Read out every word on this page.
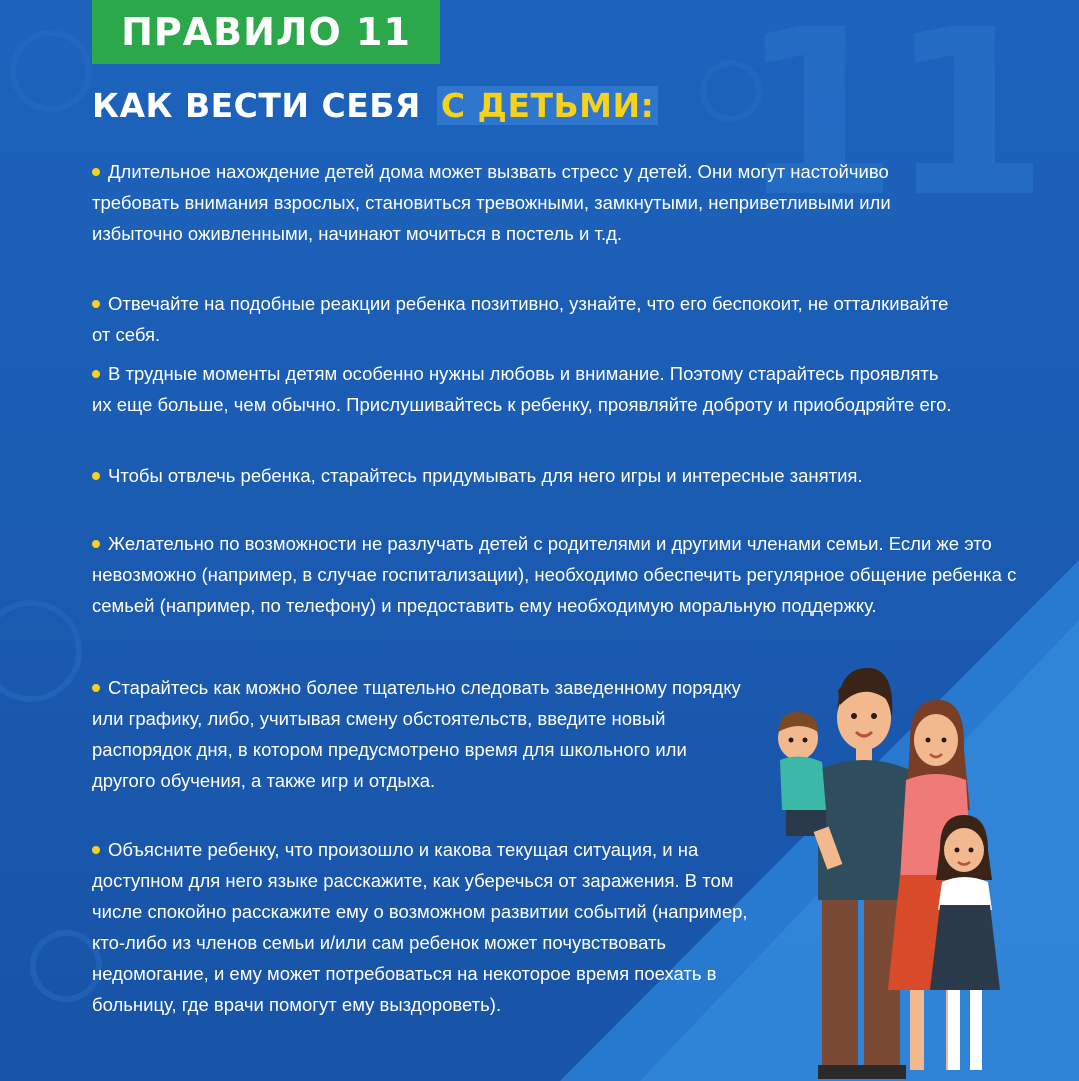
11
ПРАВИЛО 11
КАК ВЕСТИ СЕБЯ С ДЕТЬМИ:
Длительное нахождение детей дома может вызвать стресс у детей. Они могут настойчиво требовать внимания взрослых, становиться тревожными, замкнутыми, неприветливыми или избыточно оживленными, начинают мочиться в постель и т.д.
Отвечайте на подобные реакции ребенка позитивно, узнайте, что его беспокоит, не отталкивайте от себя.
В трудные моменты детям особенно нужны любовь и внимание. Поэтому старайтесь проявлять их еще больше, чем обычно. Прислушивайтесь к ребенку, проявляйте доброту и приободряйте его.
Чтобы отвлечь ребенка, старайтесь придумывать для него игры и интересные занятия.
Желательно по возможности не разлучать детей с родителями и другими членами семьи. Если же это невозможно (например, в случае госпитализации), необходимо обеспечить регулярное общение ребенка с семьей (например, по телефону) и предоставить ему необходимую моральную поддержку.
Старайтесь как можно более тщательно следовать заведенному порядку или графику, либо, учитывая смену обстоятельств, введите новый распорядок дня, в котором предусмотрено время для школьного или другого обучения, а также игр и отдыха.
Объясните ребенку, что произошло и какова текущая ситуация, и на доступном для него языке расскажите, как уберечься от заражения. В том числе спокойно расскажите ему о возможном развитии событий (например, кто-либо из членов семьи и/или сам ребенок может почувствовать недомогание, и ему может потребоваться на некоторое время поехать в больницу, где врачи помогут ему выздороветь).
